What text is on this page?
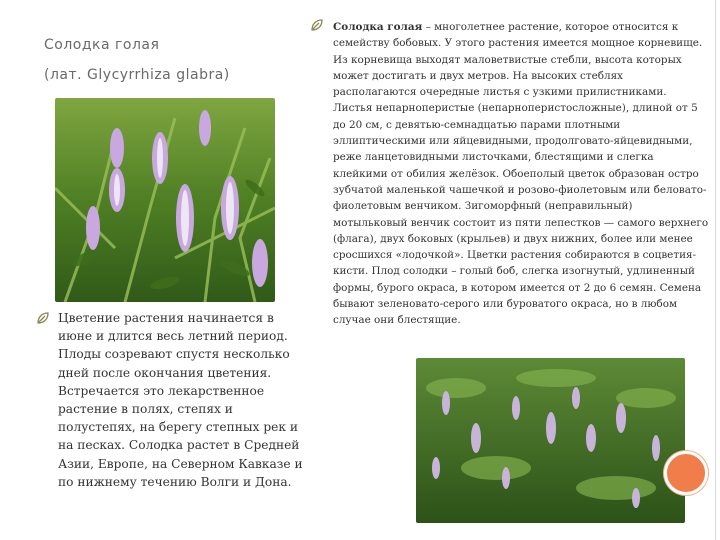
Солодка голая
(лат. Glycyrrhiza glabra)

Цветение растения начинается в июне и длится весь летний период. Плоды созревают спустя несколько дней после окончания цветения. Встречается это лекарственное растение в полях, степях и полустепях, на берегу степных рек и на песках. Солодка растет в Средней Азии, Европе, на Северном Кавказе и по нижнему течению Волги и Дона.

Солодка голая – многолетнее растение, которое относится к семейству бобовых. У этого растения имеется мощное корневище. Из корневища выходят маловетвистые стебли, высота которых может достигать и двух метров. На высоких стеблях располагаются очередные листья с узкими прилистниками. Листья непарноперистые (непарноперистосложные), длиной от 5 до 20 см, с девятью-семнадцатью парами плотными эллиптическими или яйцевидными, продолговато-яйцевидными, реже ланцетовидными листочками, блестящими и слегка клейкими от обилия желёзок. Обоеполый цветок образован остро зубчатой маленькой чашечкой и розово-фиолетовым или беловато-фиолетовым венчиком. Зигоморфный (неправильный) мотыльковый венчик состоит из пяти лепестков — самого верхнего (флага), двух боковых (крыльев) и двух нижних, более или менее сросшихся «лодочкой». Цветки растения собираются в соцветия-кисти. Плод солодки – голый боб, слегка изогнутый, удлиненный формы, бурого окраса, в котором имеется от 2 до 6 семян. Семена бывают зеленовато-серого или буроватого окраса, но в любом случае они блестящие.
